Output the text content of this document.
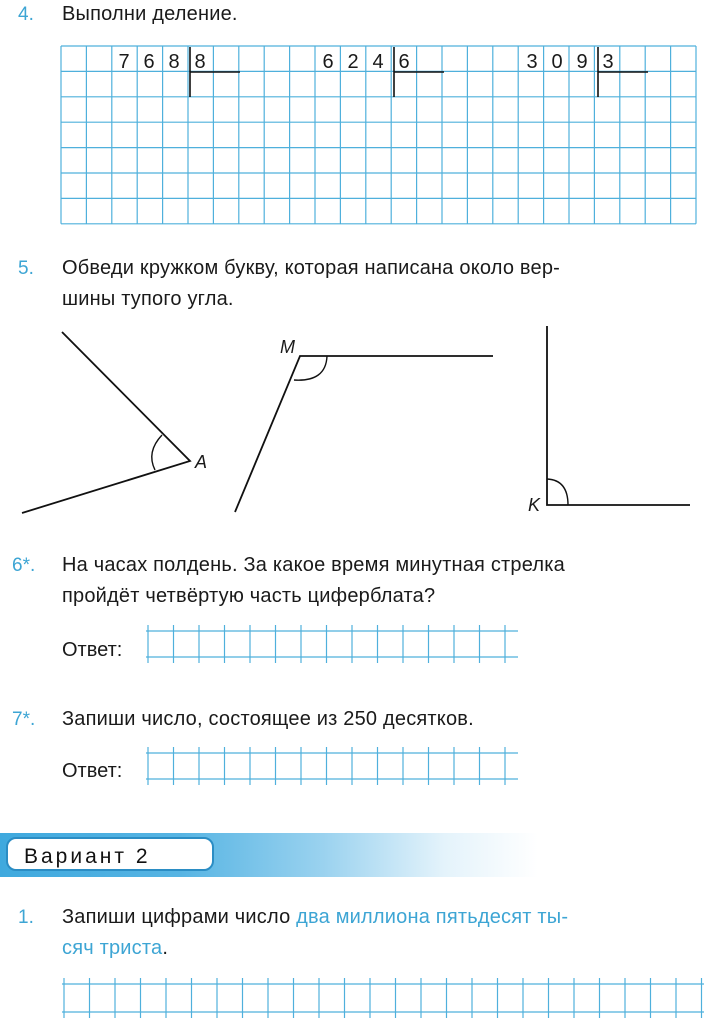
4. Выполни деление.
7 6 8 8	6 2 4 6	3 0 9 3
5. Обведи кружком букву, которая написана около вер-
шины тупого угла.
A
M
K
6*. На часах полдень. За какое время минутная стрелка
пройдёт четвёртую часть циферблата?
Ответ:
7*. Запиши число, состоящее из 250 десятков.
Ответ:
Вариант 2
1. Запиши цифрами число два миллиона пятьдесят ты-
сяч триста.
